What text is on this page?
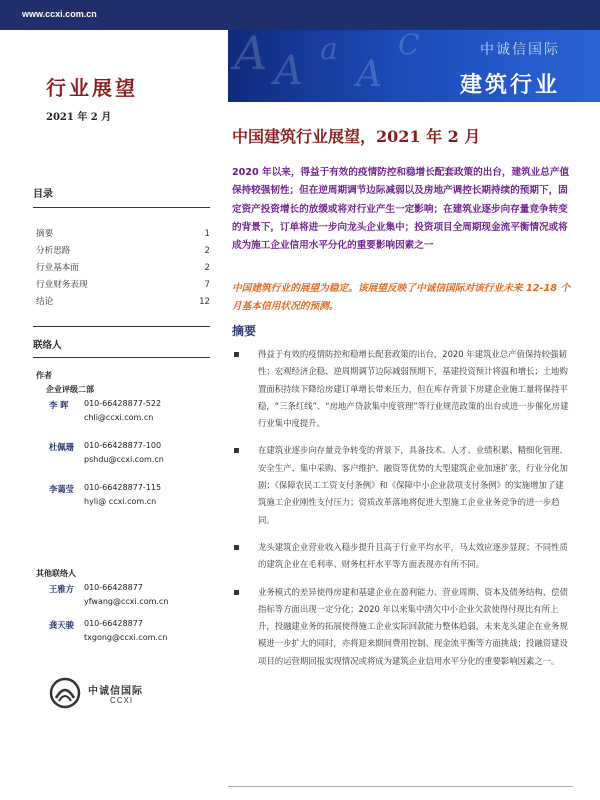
www.ccxi.com.cn
A A a
A
C	中诚信国际
建筑行业
行业展望
2021 年 2 月
中国建筑行业展望，2021 年 2 月
2020 年以来，得益于有效的疫情防控和稳增长配套政策的出台，建筑业总产值保持较强韧性；但在逆周期调节边际减弱以及房地产调控长期持续的预期下，固定资产投资增长的放缓或将对行业产生一定影响；在建筑业逐步向存量竞争转变的背景下，订单将进一步向龙头企业集中；投资项目全周期现金流平衡情况或将成为施工企业信用水平分化的重要影响因素之一
目录
摘要	1
分析思路	2
行业基本面	2
行业财务表现	7
结论	12
联络人
作者
企业评级二部
李 晖 010-66428877-522
chli@ccxi.com.cn
杜佩珊 010-66428877-100
pshdu@ccxi.com.cn
李蔼莹 010-66428877-115
hyli@ ccxi.com.cn
其他联络人
王雅方 010-66428877
yfwang@ccxi.com.cn
龚天骏 010-66428877
txgong@ccxi.com.cn
中诚信国际
CCXI
中国建筑行业的展望为稳定。该展望反映了中诚信国际对该行业未来 12-18 个月基本信用状况的预测。
摘要
得益于有效的疫情防控和稳增长配套政策的出台，2020 年建筑业总产值保持较强韧性；宏观经济企稳、逆周期调节边际减弱预期下，基建投资预计将温和增长；土地购置面积持续下降给房建订单增长带来压力，但在库存背景下房建企业施工量将保持平稳，“三条红线”、“房地产贷款集中度管理”等行业规范政策的出台或进一步催化房建行业集中度提升。
在建筑业逐步向存量竞争转变的背景下，具备技术、人才、业绩积累、精细化管理、安全生产、集中采购、客户维护、融资等优势的大型建筑企业加速扩张，行业分化加剧；《保障农民工工资支付条例》和《保障中小企业款项支付条例》的实施增加了建筑施工企业刚性支付压力；资质改革落地将促进大型施工企业业务竞争的进一步趋同。
龙头建筑企业营业收入稳步提升且高于行业平均水平，马太效应逐步显现；不同性质的建筑企业在毛利率、财务杠杆水平等方面表现亦有所不同。
业务模式的差异使得房建和基建企业在盈利能力、营业周期、资本及债务结构、偿债指标等方面出现一定分化；2020 年以来集中清欠中小企业欠款使得付现比有所上升，投融建业务的拓展使得施工企业实际回款能力整体趋弱，未来龙头建企在业务规模进一步扩大的同时，亦将迎来期间费用控制、现金流平衡等方面挑战；投融资建设项目的运营期回报实现情况或将成为建筑企业信用水平分化的重要影响因素之一。
